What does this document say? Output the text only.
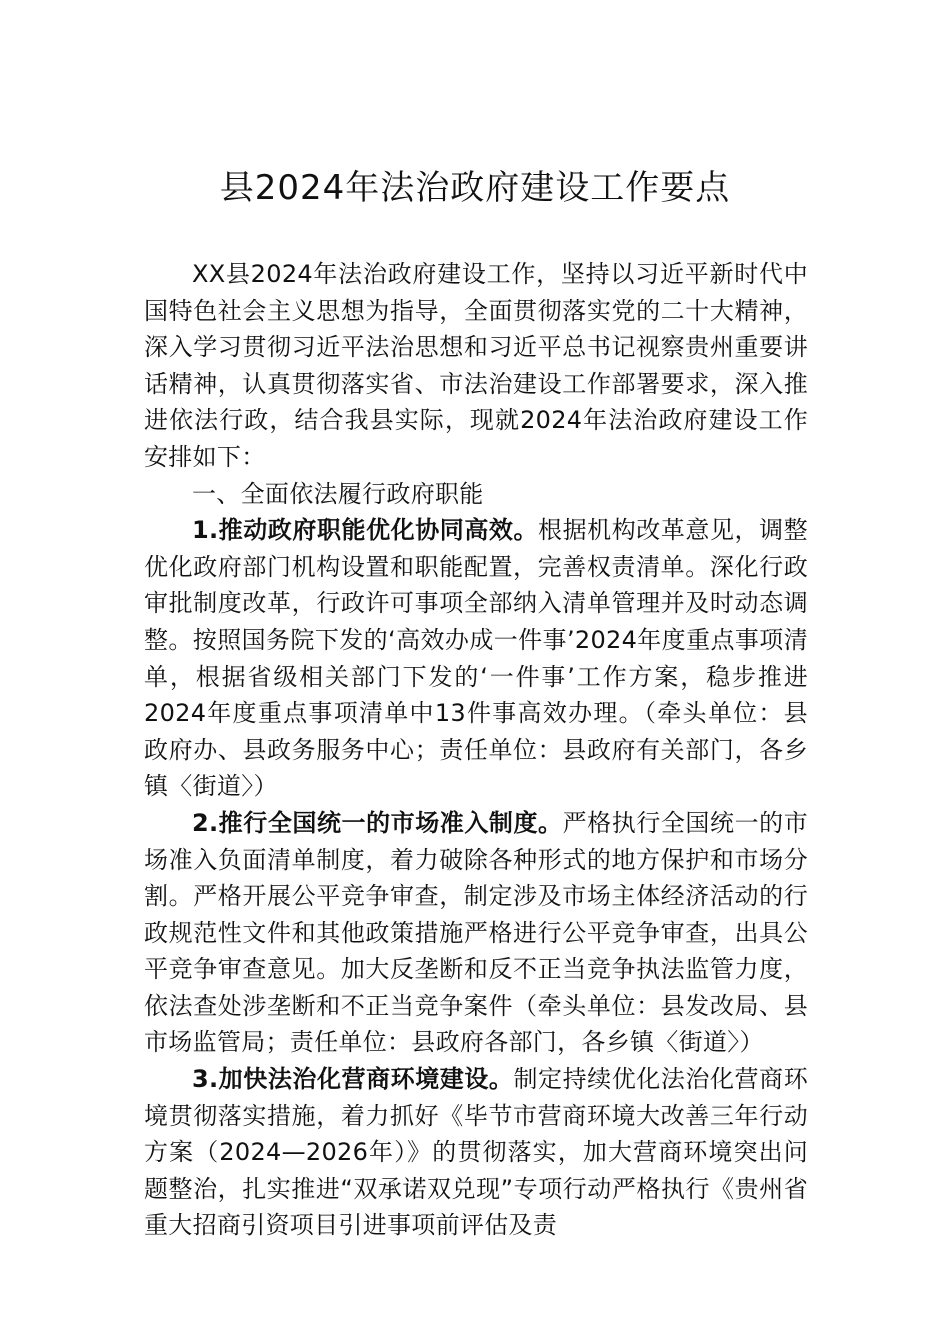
县2024年法治政府建设工作要点

XX县2024年法治政府建设工作，坚持以习近平新时代中国特色社会主义思想为指导，全面贯彻落实党的二十大精神，深入学习贯彻习近平法治思想和习近平总书记视察贵州重要讲话精神，认真贯彻落实省、市法治建设工作部署要求，深入推进依法行政，结合我县实际，现就2024年法治政府建设工作安排如下：

一、全面依法履行政府职能

1.推动政府职能优化协同高效。根据机构改革意见，调整优化政府部门机构设置和职能配置，完善权责清单。深化行政审批制度改革，行政许可事项全部纳入清单管理并及时动态调整。按照国务院下发的‘高效办成一件事’2024年度重点事项清单，根据省级相关部门下发的‘一件事’工作方案，稳步推进2024年度重点事项清单中13件事高效办理。（牵头单位：县政府办、县政务服务中心；责任单位：县政府有关部门，各乡镇〈街道〉）

2.推行全国统一的市场准入制度。严格执行全国统一的市场准入负面清单制度，着力破除各种形式的地方保护和市场分割。严格开展公平竞争审查，制定涉及市场主体经济活动的行政规范性文件和其他政策措施严格进行公平竞争审查，出具公平竞争审查意见。加大反垄断和反不正当竞争执法监管力度，依法查处涉垄断和不正当竞争案件（牵头单位：县发改局、县市场监管局；责任单位：县政府各部门，各乡镇〈街道〉）

3.加快法治化营商环境建设。制定持续优化法治化营商环境贯彻落实措施，着力抓好《毕节市营商环境大改善三年行动方案（2024—2026年）》的贯彻落实，加大营商环境突出问题整治，扎实推进“双承诺双兑现”专项行动严格执行《贵州省重大招商引资项目引进事项前评估及责
